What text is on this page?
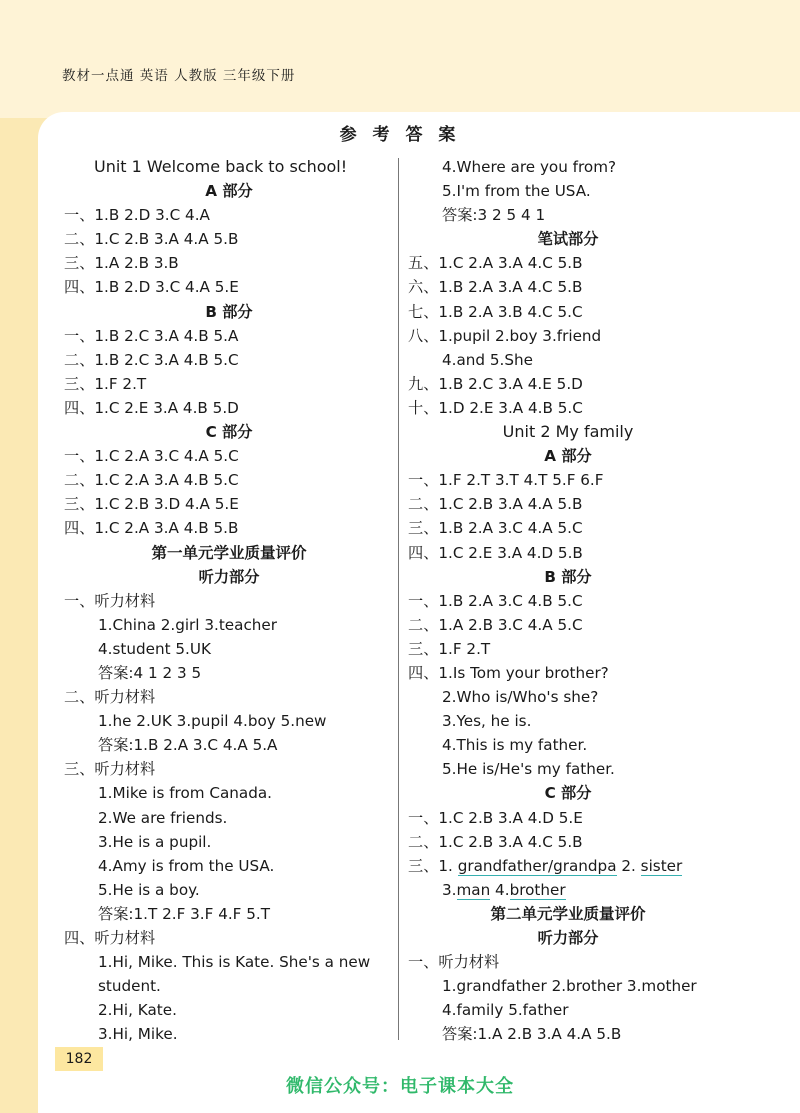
教材一点通 英语 人教版 三年级下册
参 考 答 案
Unit 1 Welcome back to school!
A 部分
一、1.B 2.D 3.C 4.A
二、1.C 2.B 3.A 4.A 5.B
三、1.A 2.B 3.B
四、1.B 2.D 3.C 4.A 5.E
B 部分
一、1.B 2.C 3.A 4.B 5.A
二、1.B 2.C 3.A 4.B 5.C
三、1.F 2.T
四、1.C 2.E 3.A 4.B 5.D
C 部分
一、1.C 2.A 3.C 4.A 5.C
二、1.C 2.A 3.A 4.B 5.C
三、1.C 2.B 3.D 4.A 5.E
四、1.C 2.A 3.A 4.B 5.B
第一单元学业质量评价
听力部分
一、听力材料
1.China 2.girl 3.teacher
4.student 5.UK
答案:4 1 2 3 5
二、听力材料
1.he 2.UK 3.pupil 4.boy 5.new
答案:1.B 2.A 3.C 4.A 5.A
三、听力材料
1.Mike is from Canada.
2.We are friends.
3.He is a pupil.
4.Amy is from the USA.
5.He is a boy.
答案:1.T 2.F 3.F 4.F 5.T
四、听力材料
1.Hi, Mike. This is Kate. She's a new
student.
2.Hi, Kate.
3.Hi, Mike.
4.Where are you from?
5.I'm from the USA.
答案:3 2 5 4 1
笔试部分
五、1.C 2.A 3.A 4.C 5.B
六、1.B 2.A 3.A 4.C 5.B
七、1.B 2.A 3.B 4.C 5.C
八、1.pupil 2.boy 3.friend
4.and 5.She
九、1.B 2.C 3.A 4.E 5.D
十、1.D 2.E 3.A 4.B 5.C
Unit 2 My family
A 部分
一、1.F 2.T 3.T 4.T 5.F 6.F
二、1.C 2.B 3.A 4.A 5.B
三、1.B 2.A 3.C 4.A 5.C
四、1.C 2.E 3.A 4.D 5.B
B 部分
一、1.B 2.A 3.C 4.B 5.C
二、1.A 2.B 3.C 4.A 5.C
三、1.F 2.T
四、1.Is Tom your brother?
2.Who is/Who's she?
3.Yes, he is.
4.This is my father.
5.He is/He's my father.
C 部分
一、1.C 2.B 3.A 4.D 5.E
二、1.C 2.B 3.A 4.C 5.B
三、1. grandfather/grandpa 2. sister
3.man 4.brother
第二单元学业质量评价
听力部分
一、听力材料
1.grandfather 2.brother 3.mother
4.family 5.father
答案:1.A 2.B 3.A 4.A 5.B
182
微信公众号：电子课本大全
